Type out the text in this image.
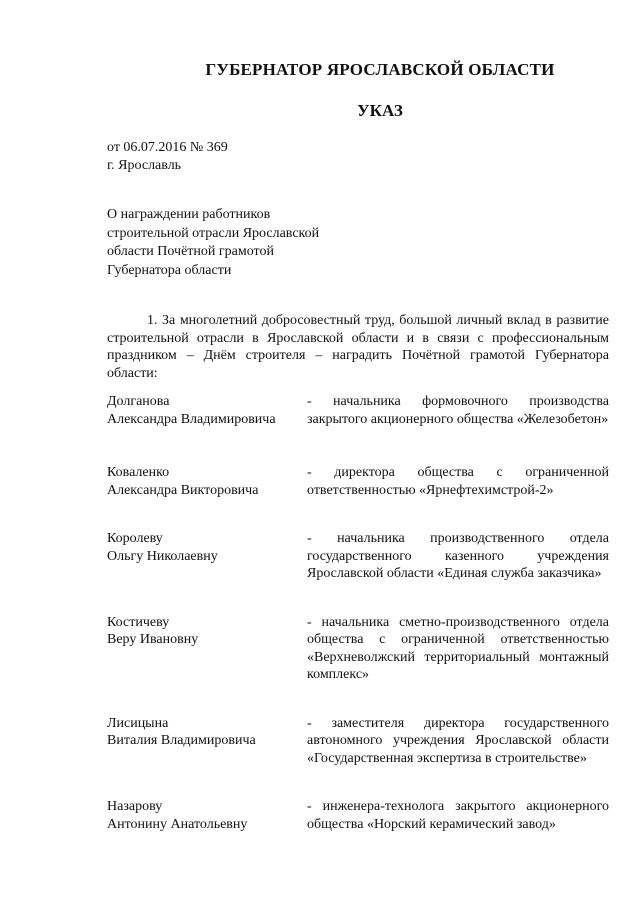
ГУБЕРНАТОР ЯРОСЛАВСКОЙ ОБЛАСТИ
УКАЗ
от 06.07.2016 № 369
г. Ярославль
О награждении работников
строительной отрасли Ярославской
области Почётной грамотой
Губернатора области
1. За многолетний добросовестный труд, большой личный вклад в развитие строительной отрасли в Ярославской области и в связи с профессиональным праздником – Днём строителя – наградить Почётной грамотой Губернатора области:
Долганова
Александра Владимировича
- начальника формовочного производства закрытого акционерного общества «Железобетон»
Коваленко
Александра Викторовича
- директора общества с ограниченной ответственностью «Ярнефтехимстрой-2»
Королеву
Ольгу Николаевну
- начальника производственного отдела государственного казенного учреждения Ярославской области «Единая служба заказчика»
Костичеву
Веру Ивановну
- начальника сметно-производственного отдела общества с ограниченной ответственностью «Верхневолжский территориальный монтажный комплекс»
Лисицына
Виталия Владимировича
- заместителя директора государственного автономного учреждения Ярославской области «Государственная экспертиза в строительстве»
Назарову
Антонину Анатольевну
- инженера-технолога закрытого акционерного общества «Норский керамический завод»
